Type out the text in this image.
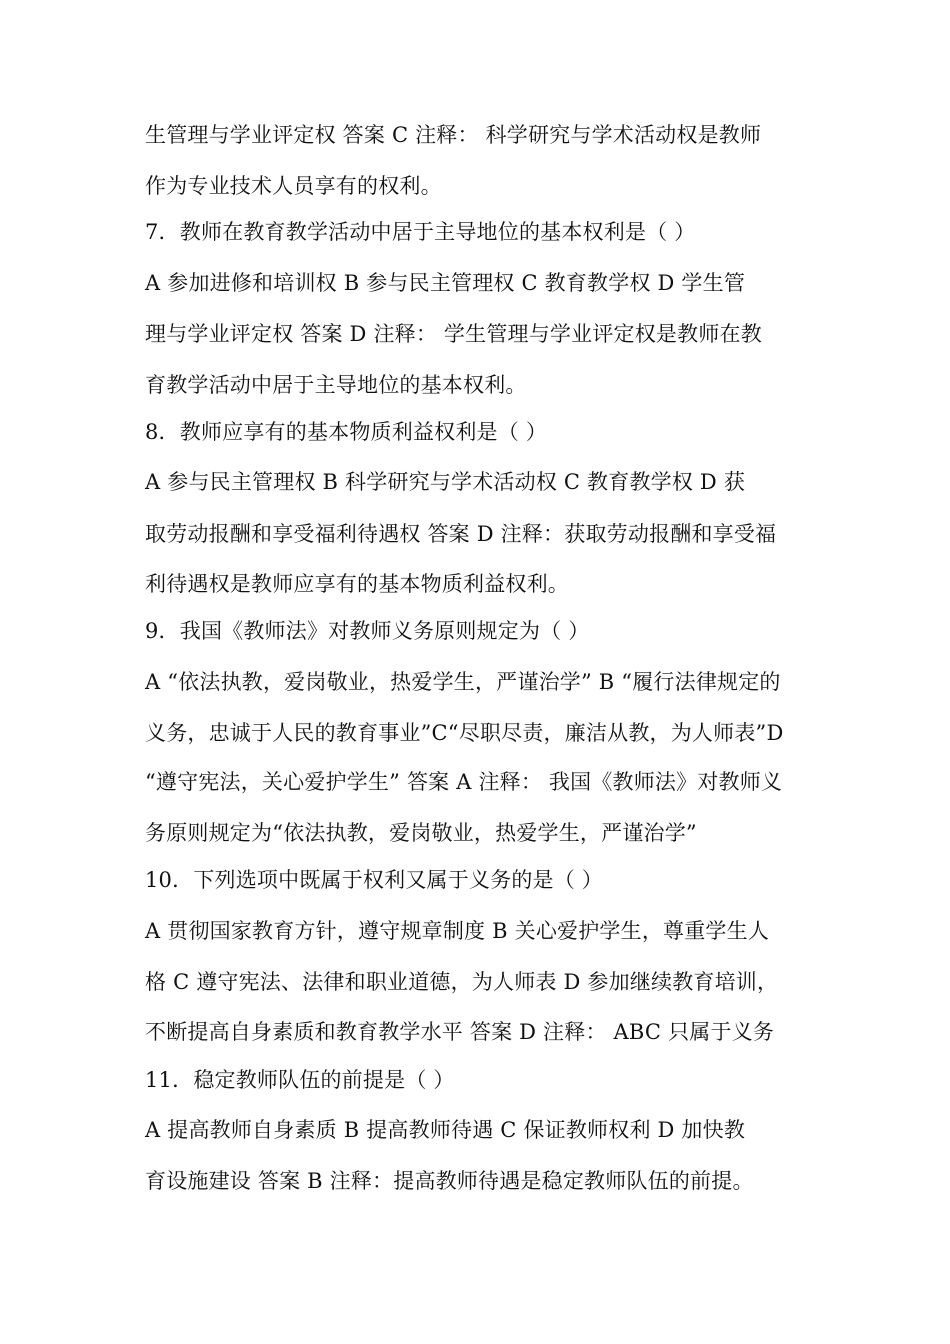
生管理与学业评定权 答案 C 注释： 科学研究与学术活动权是教师
作为专业技术人员享有的权利。
7．教师在教育教学活动中居于主导地位的基本权利是（ ）
A 参加进修和培训权 B 参与民主管理权 C 教育教学权 D 学生管
理与学业评定权 答案 D 注释： 学生管理与学业评定权是教师在教
育教学活动中居于主导地位的基本权利。
8．教师应享有的基本物质利益权利是（ ）
A 参与民主管理权 B 科学研究与学术活动权 C 教育教学权 D 获
取劳动报酬和享受福利待遇权 答案 D 注释：获取劳动报酬和享受福
利待遇权是教师应享有的基本物质利益权利。
9．我国《教师法》对教师义务原则规定为（ ）
A “依法执教，爱岗敬业，热爱学生，严谨治学” B “履行法律规定的
义务，忠诚于人民的教育事业”C“尽职尽责，廉洁从教，为人师表”D
“遵守宪法，关心爱护学生” 答案 A 注释： 我国《教师法》对教师义
务原则规定为“依法执教，爱岗敬业，热爱学生，严谨治学”
10．下列选项中既属于权利又属于义务的是（ ）
A 贯彻国家教育方针，遵守规章制度 B 关心爱护学生，尊重学生人
格 C 遵守宪法、法律和职业道德，为人师表 D 参加继续教育培训，
不断提高自身素质和教育教学水平 答案 D 注释： ABC 只属于义务
11．稳定教师队伍的前提是（ ）
A 提高教师自身素质 B 提高教师待遇 C 保证教师权利 D 加快教
育设施建设 答案 B 注释：提高教师待遇是稳定教师队伍的前提。
